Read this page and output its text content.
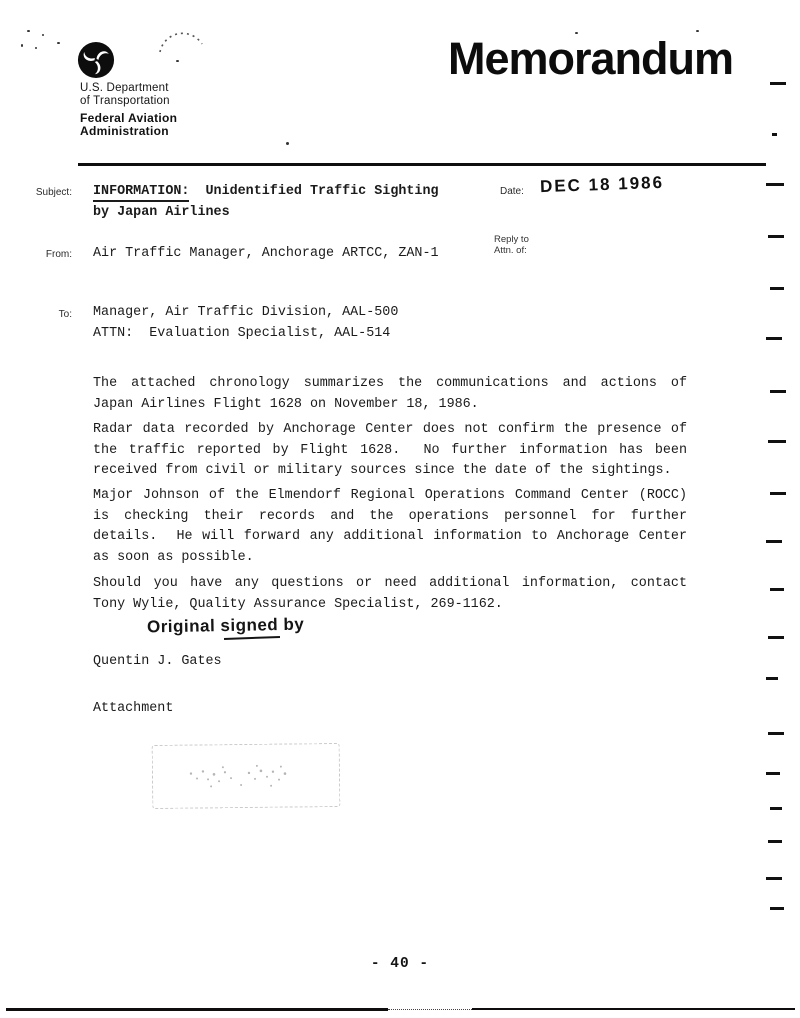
Memorandum
U.S. Department
of Transportation
Federal Aviation
Administration
Subject: INFORMATION:  Unidentified Traffic Sighting
by Japan Airlines
Date: DEC 18 1986
Reply to
Attn. of:
From: Air Traffic Manager, Anchorage ARTCC, ZAN-1
To: Manager, Air Traffic Division, AAL-500
ATTN:  Evaluation Specialist, AAL-514
The attached chronology summarizes the communications and actions of
Japan Airlines Flight 1628 on November 18, 1986.
Radar data recorded by Anchorage Center does not confirm the presence of
the traffic reported by Flight 1628.  No further information has been
received from civil or military sources since the date of the sightings.
Major Johnson of the Elmendorf Regional Operations Command Center (ROCC)
is checking their records and the operations personnel for further
details.  He will forward any additional information to Anchorage Center
as soon as possible.
Should you have any questions or need additional information, contact
Tony Wylie, Quality Assurance Specialist, 269-1162.
Original signed by
Quentin J. Gates
Attachment
- 40 -
